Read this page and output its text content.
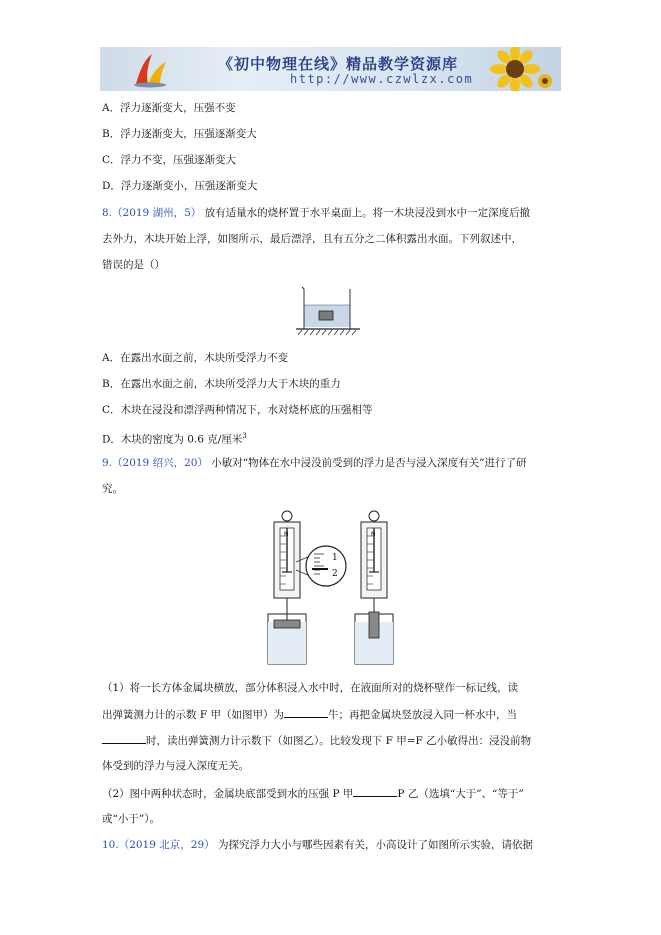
《初中物理在线》精品教学资源库
http://www.czwlzx.com
A．浮力逐渐变大，压强不变
B．浮力逐渐变大，压强逐渐变大
C．浮力不变，压强逐渐变大
D．浮力逐渐变小，压强逐渐变大
8.（2019 湖州，5） 放有适量水的烧杯置于水平桌面上。将一木块浸没到水中一定深度后撤
去外力，木块开始上浮，如图所示，最后漂浮，且有五分之二体积露出水面。下列叙述中，
错误的是（）
A．在露出水面之前，木块所受浮力不变
B．在露出水面之前，木块所受浮力大于木块的重力
C．木块在浸没和漂浮两种情况下，水对烧杯底的压强相等
D．木块的密度为 0.6 克/厘米$^3$
9.（2019 绍兴，20） 小敏对“物体在水中浸没前受到的浮力是否与浸入深度有关”进行了研
究。
1
2
N	N
（1）将一长方体金属块横放，部分体积浸入水中时，在液面所对的烧杯壁作一标记线，读
出弹簧测力计的示数 F 甲（如图甲）为	牛；再把金属块竖放浸入同一杯水中，当
时，读出弹簧测力计示数下（如图乙）。比较发现下 F 甲=F 乙小敏得出：浸没前物
体受到的浮力与浸入深度无关。
（2）图中两种状态时，金属块底部受到水的压强 P 甲	P 乙（选填“大于”、“等于”
或“小于”）。
10.（2019 北京，29） 为探究浮力大小与哪些因素有关，小高设计了如图所示实验，请依据
